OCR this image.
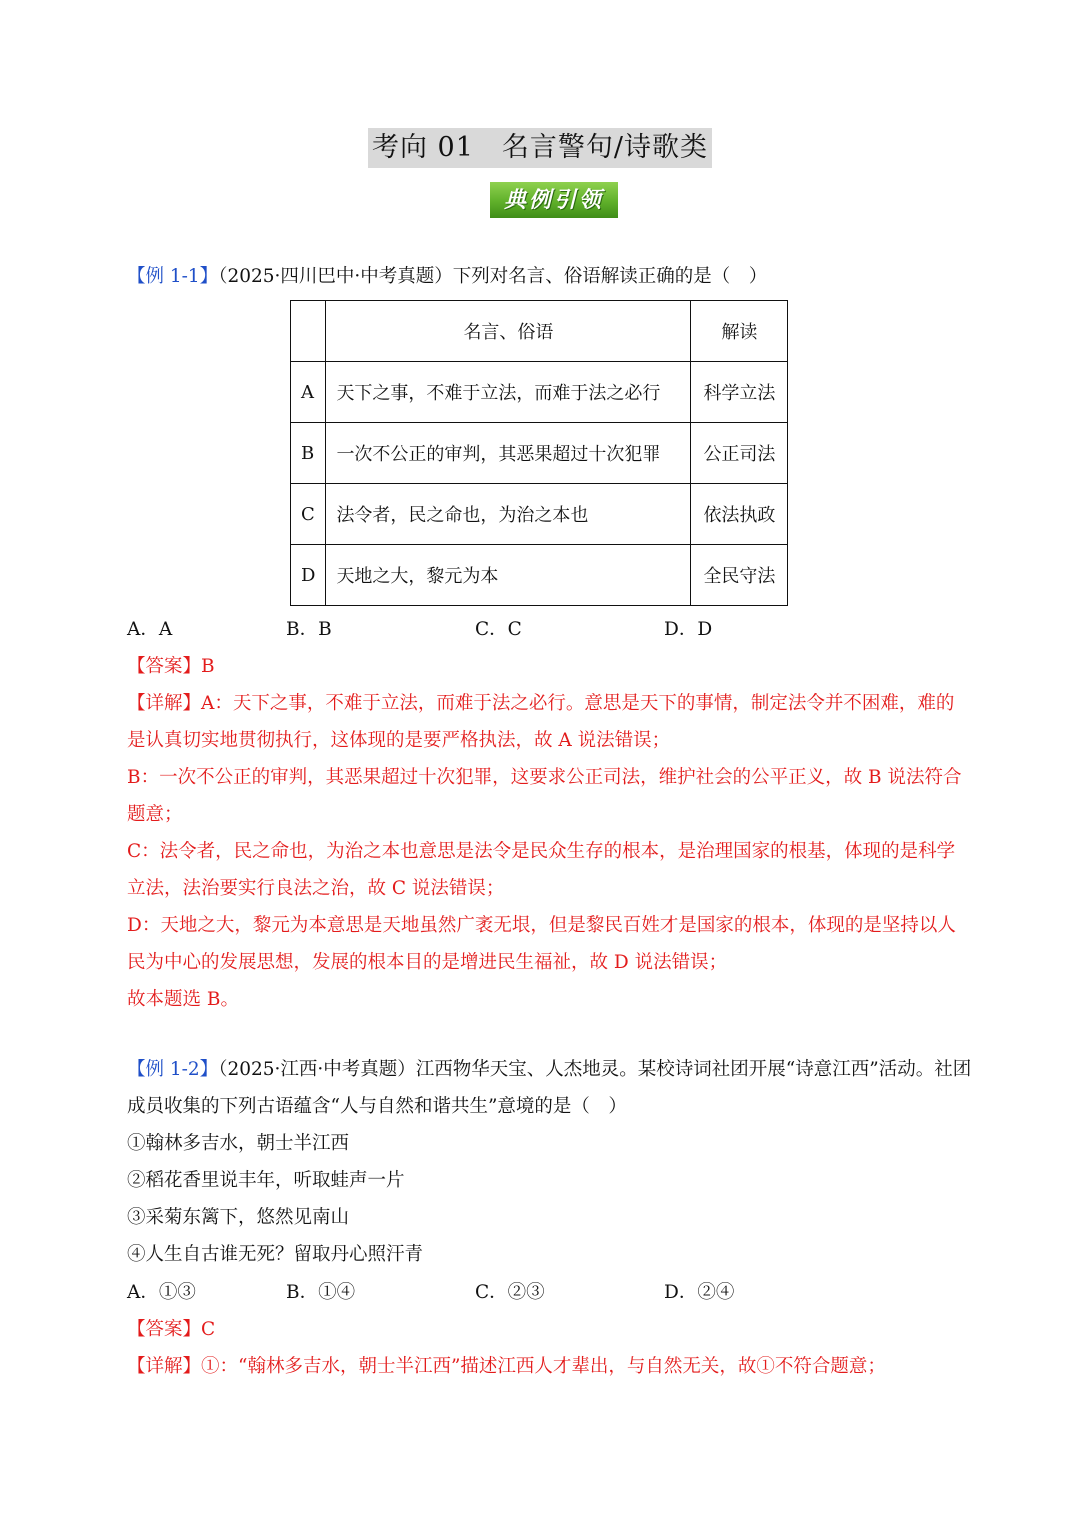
考向 01　名言警句/诗歌类
典例引领
【例 1-1】（2025·四川巴中·中考真题）下列对名言、俗语解读正确的是（　）
	名言、俗语	解读
A	天下之事，不难于立法，而难于法之必行	科学立法
B	一次不公正的审判，其恶果超过十次犯罪	公正司法
C	法令者，民之命也，为治之本也	依法执政
D	天地之大，黎元为本	全民守法
A．A	B．B	C．C	D．D
【答案】B
【详解】A：天下之事，不难于立法，而难于法之必行。意思是天下的事情，制定法令并不困难，难的
是认真切实地贯彻执行，这体现的是要严格执法，故 A 说法错误；
B：一次不公正的审判，其恶果超过十次犯罪，这要求公正司法，维护社会的公平正义，故 B 说法符合
题意；
C：法令者，民之命也，为治之本也意思是法令是民众生存的根本，是治理国家的根基，体现的是科学
立法，法治要实行良法之治，故 C 说法错误；
D：天地之大，黎元为本意思是天地虽然广袤无垠，但是黎民百姓才是国家的根本，体现的是坚持以人
民为中心的发展思想，发展的根本目的是增进民生福祉，故 D 说法错误；
故本题选 B。
【例 1-2】（2025·江西·中考真题）江西物华天宝、人杰地灵。某校诗词社团开展“诗意江西”活动。社团
成员收集的下列古语蕴含“人与自然和谐共生”意境的是（　）
①翰林多吉水，朝士半江西
②稻花香里说丰年，听取蛙声一片
③采菊东篱下，悠然见南山
④人生自古谁无死？留取丹心照汗青
A．①③	B．①④	C．②③	D．②④
【答案】C
【详解】①：“翰林多吉水，朝士半江西”描述江西人才辈出，与自然无关，故①不符合题意；
